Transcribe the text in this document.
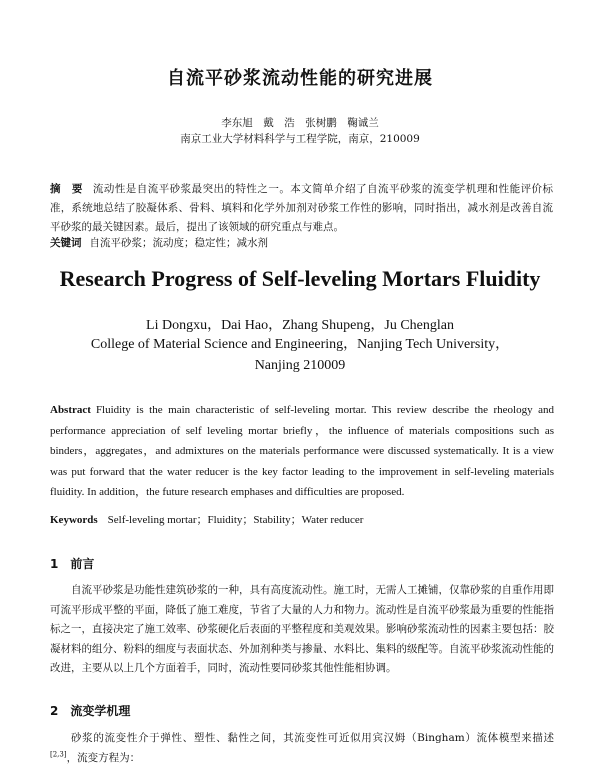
自流平砂浆流动性能的研究进展
李东旭　戴　浩　张树鹏　鞠诚兰
南京工业大学材料科学与工程学院，南京，210009
摘　要 流动性是自流平砂浆最突出的特性之一。本文简单介绍了自流平砂浆的流变学机理和性能评价标准，系统地总结了胶凝体系、骨料、填料和化学外加剂对砂浆工作性的影响，同时指出，减水剂是改善自流平砂浆的最关键因素。最后，提出了该领域的研究重点与难点。
关键词 自流平砂浆；流动度；稳定性；减水剂
Research Progress of Self-leveling Mortars Fluidity
Li Dongxu，Dai Hao，Zhang Shupeng，Ju Chenglan
College of Material Science and Engineering，Nanjing Tech University，
Nanjing 210009
Abstract Fluidity is the main characteristic of self-leveling mortar. This review describe the rheology and performance appreciation of self leveling mortar briefly，the influence of materials compositions such as binders，aggregates，and admixtures on the materials performance were discussed systematically. It is a view was put forward that the water reducer is the key factor leading to the improvement in self-leveling materials fluidity. In addition，the future research emphases and difficulties are proposed.
Keywords Self-leveling mortar；Fluidity；Stability；Water reducer
1 前言
自流平砂浆是功能性建筑砂浆的一种，具有高度流动性。施工时，无需人工摊铺，仅靠砂浆的自重作用即可流平形成平整的平面，降低了施工难度，节省了大量的人力和物力。流动性是自流平砂浆最为重要的性能指标之一，直接决定了施工效率、砂浆硬化后表面的平整程度和美观效果。影响砂浆流动性的因素主要包括：胶凝材料的组分、粉料的细度与表面状态、外加剂种类与掺量、水料比、集料的级配等。自流平砂浆流动性能的改进，主要从以上几个方面着手，同时，流动性要同砂浆其他性能相协调。
2 流变学机理
砂浆的流变性介于弹性、塑性、黏性之间，其流变性可近似用宾汉姆（Bingham）流体模型来描述[2,3]，流变方程为：
